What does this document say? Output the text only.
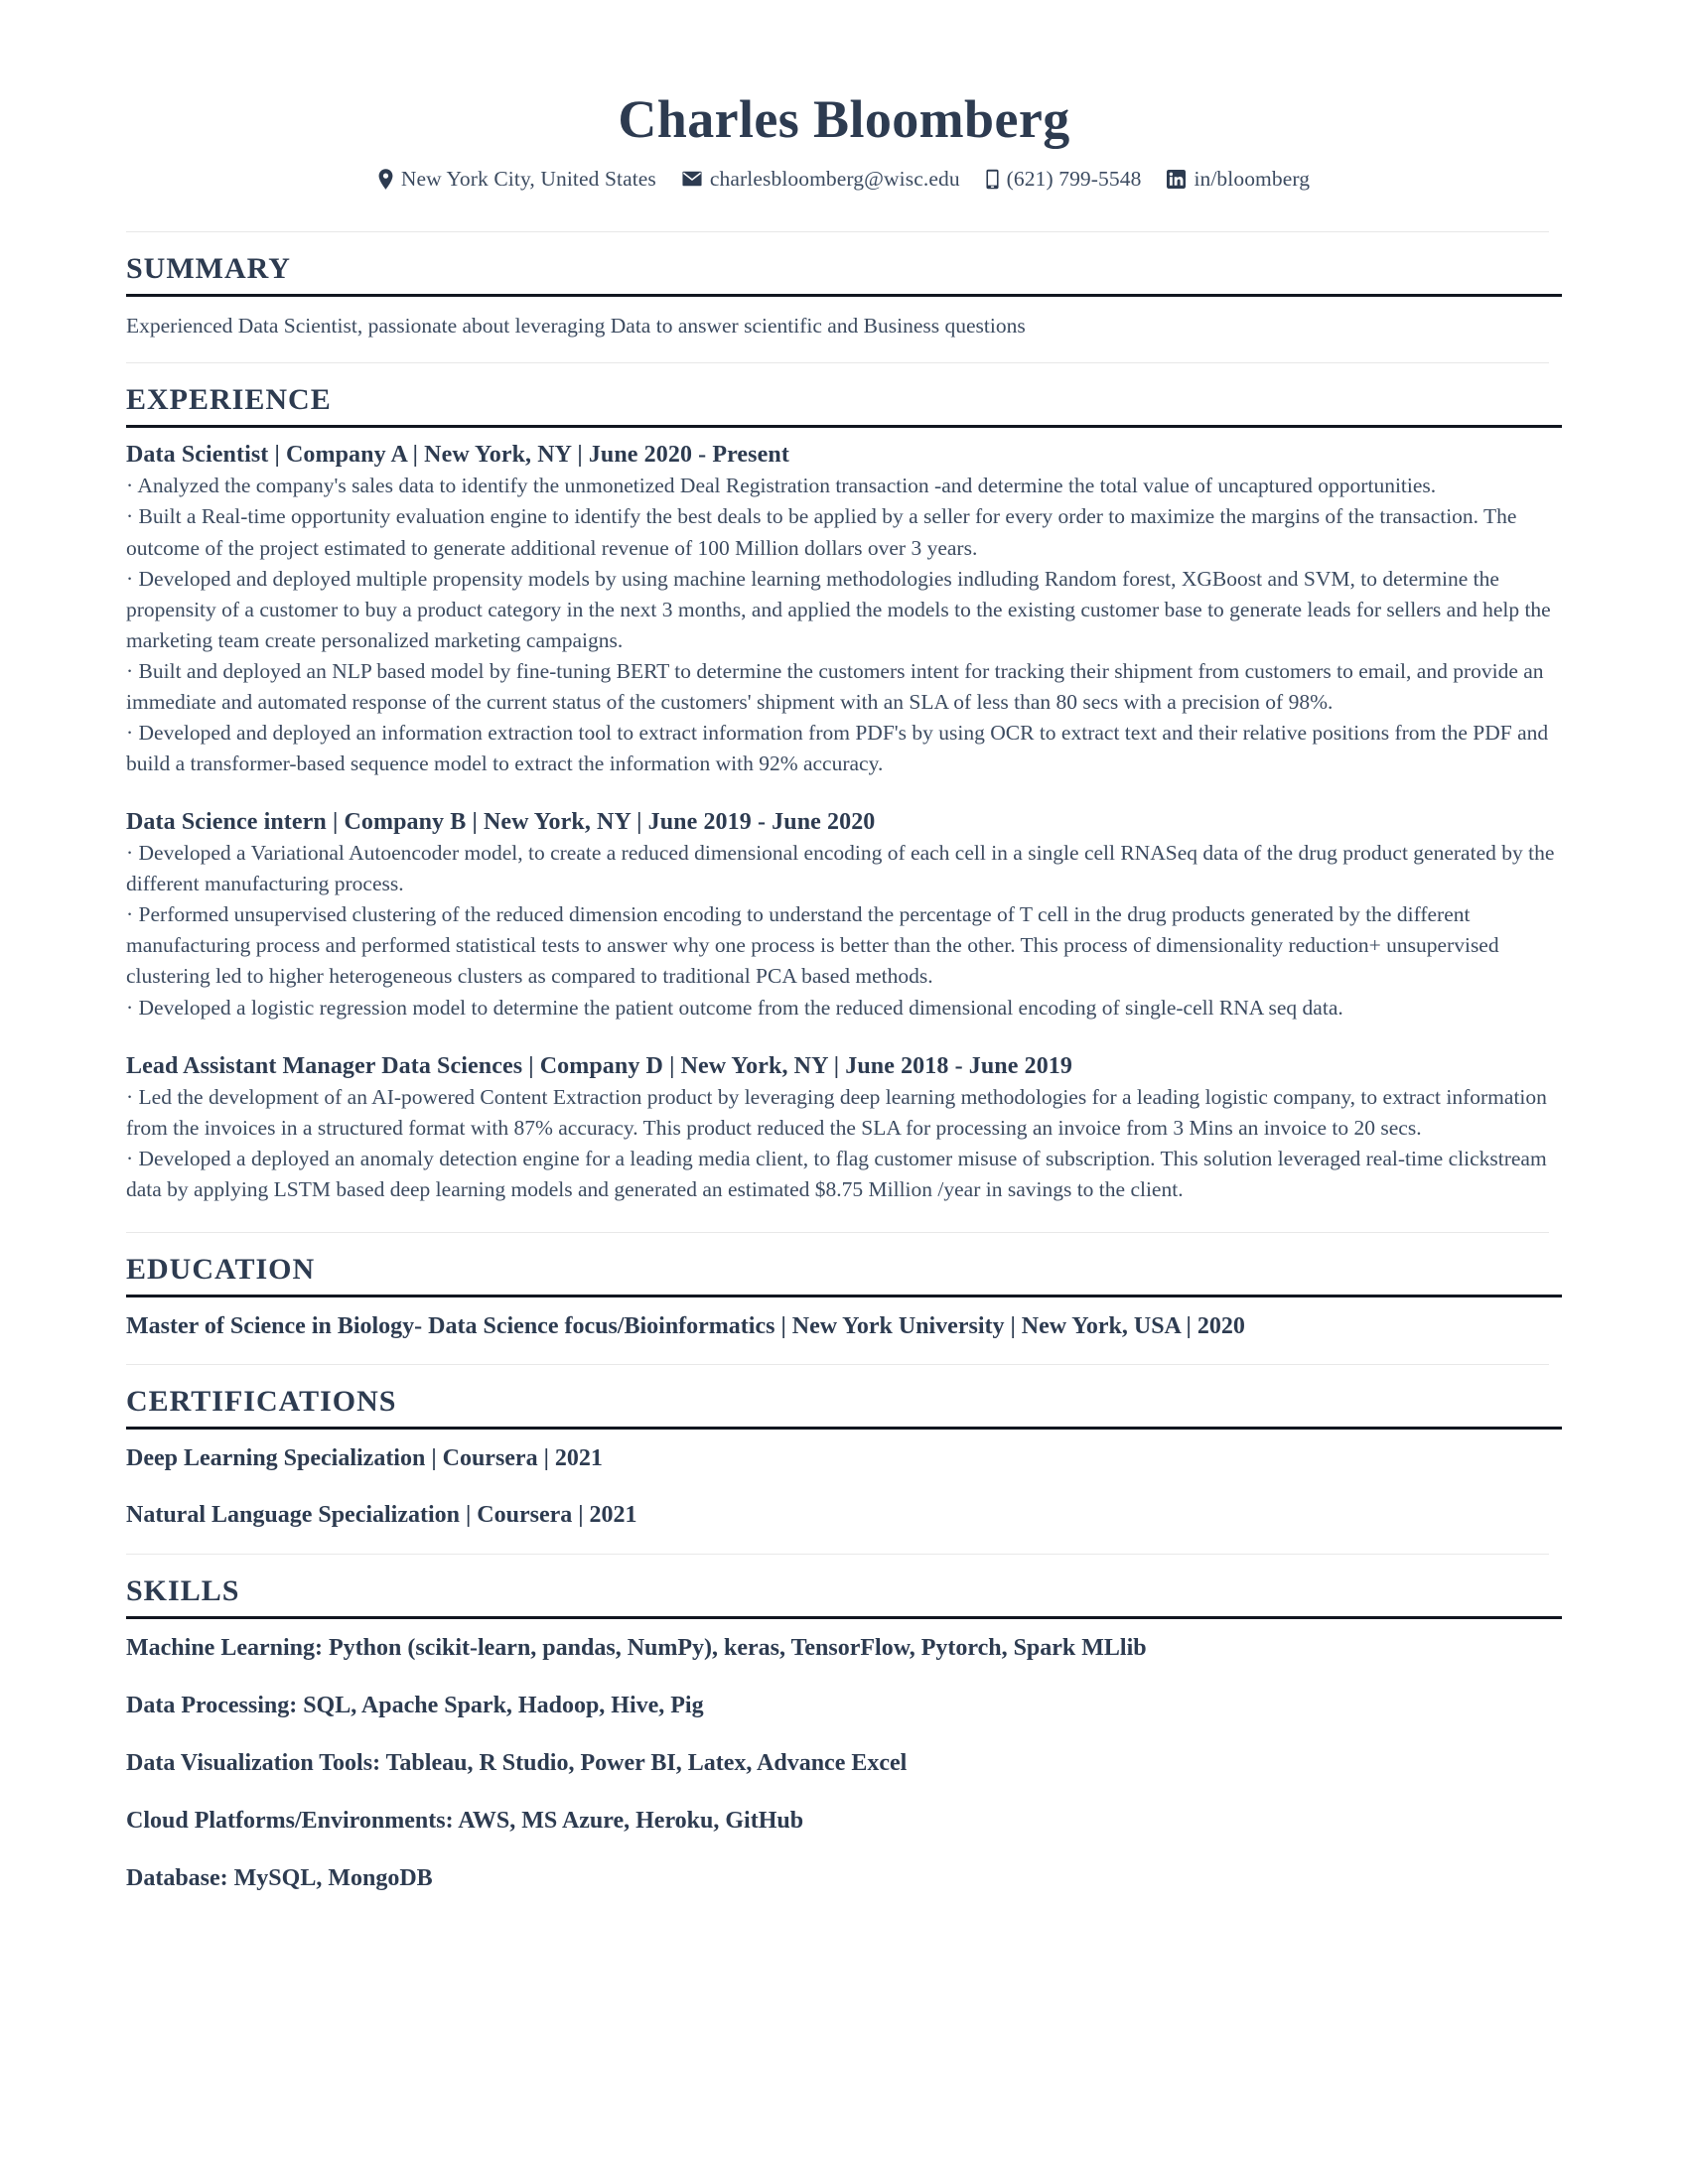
Charles Bloomberg
New York City, United States	charlesbloomberg@wisc.edu (621) 799-5548 in/bloomberg
SUMMARY
Experienced Data Scientist, passionate about leveraging Data to answer scientific and Business questions
EXPERIENCE
Data Scientist | Company A | New York, NY | June 2020 - Present

· Analyzed the company's sales data to identify the unmonetized Deal Registration transaction -and determine the total value of uncaptured opportunities.

· Built a Real-time opportunity evaluation engine to identify the best deals to be applied by a seller for every order to maximize the margins of the transaction. The outcome of the project estimated to generate additional revenue of 100 Million dollars over 3 years.

· Developed and deployed multiple propensity models by using machine learning methodologies indluding Random forest, XGBoost and SVM, to determine the propensity of a customer to buy a product category in the next 3 months, and applied the models to the existing customer base to generate leads for sellers and help the marketing team create personalized marketing campaigns.

· Built and deployed an NLP based model by fine-tuning BERT to determine the customers intent for tracking their shipment from customers to email, and provide an immediate and automated response of the current status of the customers' shipment with an SLA of less than 80 secs with a precision of 98%.

· Developed and deployed an information extraction tool to extract information from PDF's by using OCR to extract text and their relative positions from the PDF and build a transformer-based sequence model to extract the information with 92% accuracy.

Data Science intern | Company B | New York, NY | June 2019 - June 2020

· Developed a Variational Autoencoder model, to create a reduced dimensional encoding of each cell in a single cell RNASeq data of the drug product generated by the different manufacturing process.

· Performed unsupervised clustering of the reduced dimension encoding to understand the percentage of T cell in the drug products generated by the different manufacturing process and performed statistical tests to answer why one process is better than the other. This process of dimensionality reduction+ unsupervised clustering led to higher heterogeneous clusters as compared to traditional PCA based methods.

· Developed a logistic regression model to determine the patient outcome from the reduced dimensional encoding of single-cell RNA seq data.

Lead Assistant Manager Data Sciences | Company D | New York, NY | June 2018 - June 2019

· Led the development of an AI-powered Content Extraction product by leveraging deep learning methodologies for a leading logistic company, to extract information from the invoices in a structured format with 87% accuracy. This product reduced the SLA for processing an invoice from 3 Mins an invoice to 20 secs.

· Developed a deployed an anomaly detection engine for a leading media client, to flag customer misuse of subscription. This solution leveraged real-time clickstream data by applying LSTM based deep learning models and generated an estimated $8.75 Million /year in savings to the client.

EDUCATION
Master of Science in Biology- Data Science focus/Bioinformatics | New York University | New York, USA | 2020
CERTIFICATIONS
Deep Learning Specialization | Coursera | 2021
Natural Language Specialization | Coursera | 2021
SKILLS
Machine Learning: Python (scikit-learn, pandas, NumPy), keras, TensorFlow, Pytorch, Spark MLlib
Data Processing: SQL, Apache Spark, Hadoop, Hive, Pig
Data Visualization Tools: Tableau, R Studio, Power BI, Latex, Advance Excel
Cloud Platforms/Environments: AWS, MS Azure, Heroku, GitHub
Database: MySQL, MongoDB
